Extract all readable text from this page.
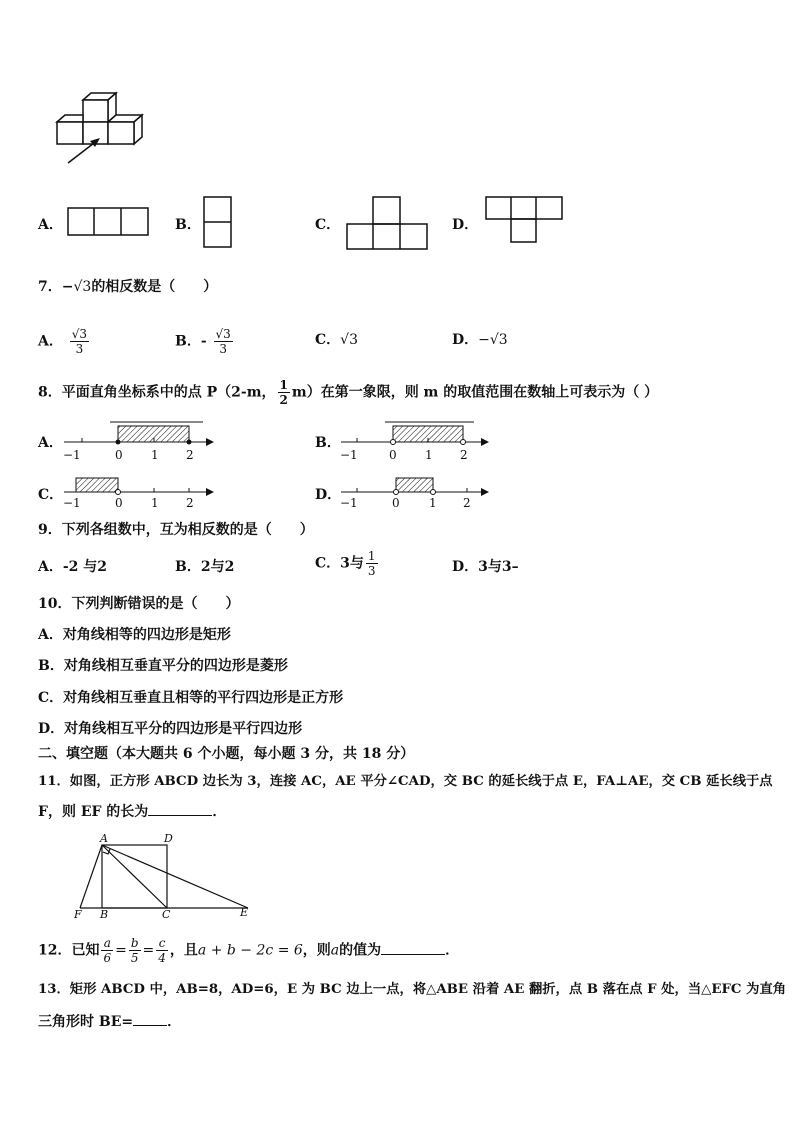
A．	B．	C．	D．
7．−√3的相反数是（　　）
A． $\frac{√3}{3}$	B．- $\frac{√3}{3}$	C．√3	D．−√3
8．平面直角坐标系中的点 P（2-m， $\frac{1}{2} m$）在第一象限，则 m 的取值范围在数轴上可表示为（ ）
A．
−1	0 1 2
B．
−1	0 1 2
C． −1	0 1 2	D．
−1	0 1 2
9．下列各组数中，互为相反数的是（　　）
A．-2 与2	B．2与2	C．3与 $\frac{1}{3}$	D．3与3–
10．下列判断错误的是（　　）
A．对角线相等的四边形是矩形
B．对角线相互垂直平分的四边形是菱形
C．对角线相互垂直且相等的平行四边形是正方形
D．对角线相互平分的四边形是平行四边形
二、填空题（本大题共 6 个小题，每小题 3 分，共 18 分）
11．如图，正方形 ABCD 边长为 3，连接 AC，AE 平分∠CAD，交 BC 的延长线于点 E，FA⊥AE，交 CB 延长线于点
F，则 EF 的长为	．
A	D
F B	C	E
12．已知 $\frac{a}{6} = \frac{b}{5} = \frac{c}{4}$ ，且a + b − 2c = 6，则a的值为	．
13．矩形 ABCD 中，AB=8，AD=6，E 为 BC 边上一点，将△ABE 沿着 AE 翻折，点 B 落在点 F 处，当△EFC 为直角
三角形时 BE= ．
